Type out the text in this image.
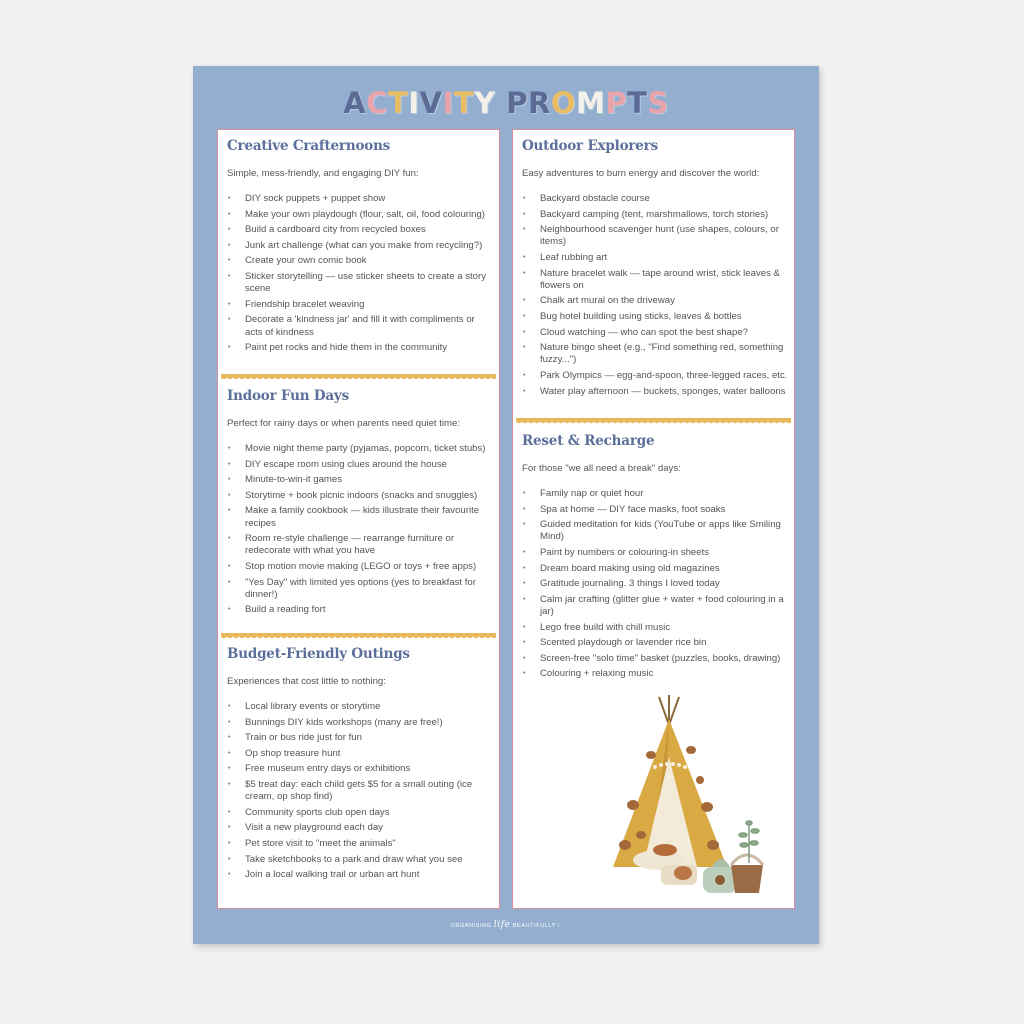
ACTIVITY PROMPTS
Creative Crafternoons
Simple, mess-friendly, and engaging DIY fun:
• DIY sock puppets + puppet show
• Make your own playdough (flour, salt, oil, food colouring)
• Build a cardboard city from recycled boxes
• Junk art challenge (what can you make from recycling?)
• Create your own comic book
• Sticker storytelling — use sticker sheets to create a story scene
• Friendship bracelet weaving
• Decorate a 'kindness jar' and fill it with compliments or acts of kindness
• Paint pet rocks and hide them in the community
Indoor Fun Days
Perfect for rainy days or when parents need quiet time:
• Movie night theme party (pyjamas, popcorn, ticket stubs)
• DIY escape room using clues around the house
• Minute-to-win-it games
• Storytime + book picnic indoors (snacks and snuggles)
• Make a family cookbook — kids illustrate their favourite recipes
• Room re-style challenge — rearrange furniture or redecorate with what you have
• Stop motion movie making (LEGO or toys + free apps)
• "Yes Day" with limited yes options (yes to breakfast for dinner!)
• Build a reading fort
Budget-Friendly Outings
Experiences that cost little to nothing:
• Local library events or storytime
• Bunnings DIY kids workshops (many are free!)
• Train or bus ride just for fun
• Op shop treasure hunt
• Free museum entry days or exhibitions
• $5 treat day: each child gets $5 for a small outing (ice cream, op shop find)
• Community sports club open days
• Visit a new playground each day
• Pet store visit to "meet the animals"
• Take sketchbooks to a park and draw what you see
• Join a local walking trail or urban art hunt
Outdoor Explorers
Easy adventures to burn energy and discover the world:
• Backyard obstacle course
• Backyard camping (tent, marshmallows, torch stories)
• Neighbourhood scavenger hunt (use shapes, colours, or items)
• Leaf rubbing art
• Nature bracelet walk — tape around wrist, stick leaves & flowers on
• Chalk art mural on the driveway
• Bug hotel building using sticks, leaves & bottles
• Cloud watching — who can spot the best shape?
• Nature bingo sheet (e.g., "Find something red, something fuzzy...")
• Park Olympics — egg-and-spoon, three-legged races, etc.
• Water play afternoon — buckets, sponges, water balloons
Reset & Recharge
For those "we all need a break" days:
• Family nap or quiet hour
• Spa at home — DIY face masks, foot soaks
• Guided meditation for kids (YouTube or apps like Smiling Mind)
• Paint by numbers or colouring-in sheets
• Dream board making using old magazines
• Gratitude journaling. 3 things I loved today
• Calm jar crafting (glitter glue + water + food colouring in a jar)
• Lego free build with chill music
• Scented playdough or lavender rice bin
• Screen-free "solo time" basket (puzzles, books, drawing)
• Colouring + relaxing music
ORGANISING life BEAUTIFULLY♡
